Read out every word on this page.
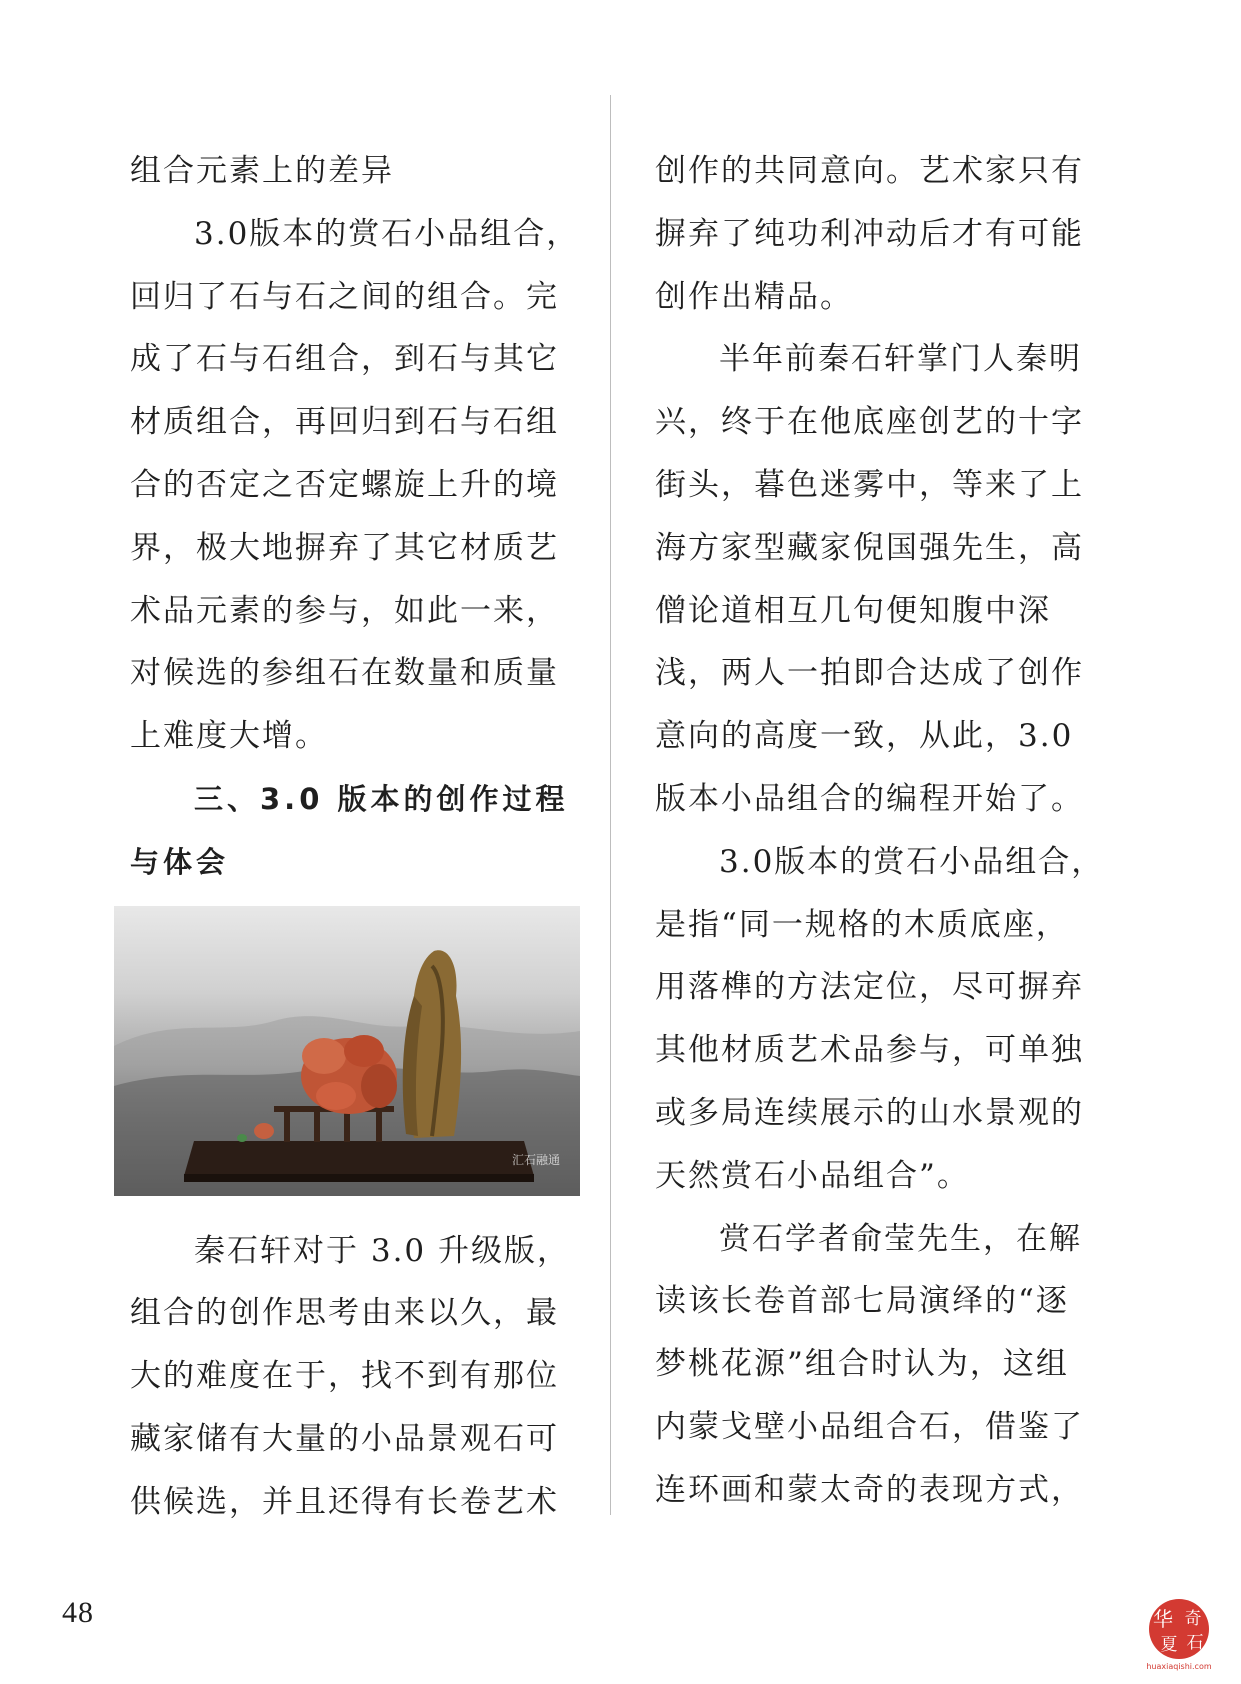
组合元素上的差异
3.0版本的赏石小品组合，
回归了石与石之间的组合。完
成了石与石组合，到石与其它
材质组合，再回归到石与石组
合的否定之否定螺旋上升的境
界，极大地摒弃了其它材质艺
术品元素的参与，如此一来，
对候选的参组石在数量和质量
上难度大增。
三、3.0 版本的创作过程
与体会
汇石融通
秦石轩对于 3.0 升级版，
组合的创作思考由来以久，最
大的难度在于，找不到有那位
藏家储有大量的小品景观石可
供候选，并且还得有长卷艺术
创作的共同意向。艺术家只有
摒弃了纯功利冲动后才有可能
创作出精品。
半年前秦石轩掌门人秦明
兴，终于在他底座创艺的十字
街头，暮色迷雾中，等来了上
海方家型藏家倪国强先生，高
僧论道相互几句便知腹中深
浅，两人一拍即合达成了创作
意向的高度一致，从此，3.0
版本小品组合的编程开始了。
3.0版本的赏石小品组合，
是指“同一规格的木质底座，
用落榫的方法定位，尽可摒弃
其他材质艺术品参与，可单独
或多局连续展示的山水景观的
天然赏石小品组合”。
赏石学者俞莹先生，在解
读该长卷首部七局演绎的“逐
梦桃花源”组合时认为，这组
内蒙戈壁小品组合石，借鉴了
连环画和蒙太奇的表现方式，
48	华 奇
夏 石
huaxiaqishi.com
